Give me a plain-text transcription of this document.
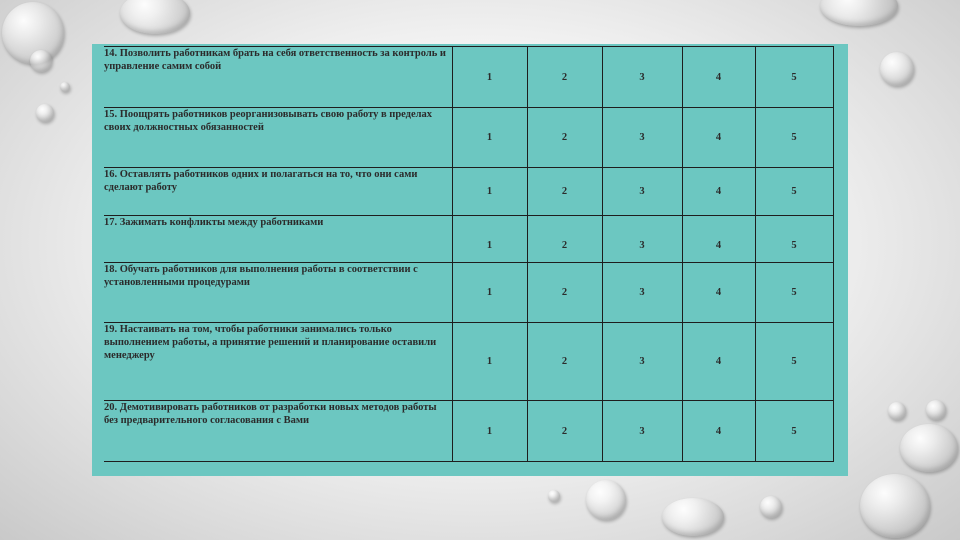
14. Позволить работникам брать на себя ответственность за контроль и управление самим собой	1	2	3	4	5
15. Поощрять работников реорганизовывать свою работу в пределах своих должностных обязанностей	1	2	3	4	5
16. Оставлять работников одних и полагаться на то, что они сами сделают работу	1	2	3	4	5
17. Зажимать конфликты между работниками	1	2	3	4	5
18. Обучать работников для выполнения работы в соответствии с установленными процедурами	1	2	3	4	5
19. Настаивать на том, чтобы работники занимались только выполнением работы, а принятие решений и планирование оставили менеджеру	1	2	3	4	5
20. Демотивировать работников от разработки новых методов работы без предварительного согласования с Вами	1	2	3	4	5
